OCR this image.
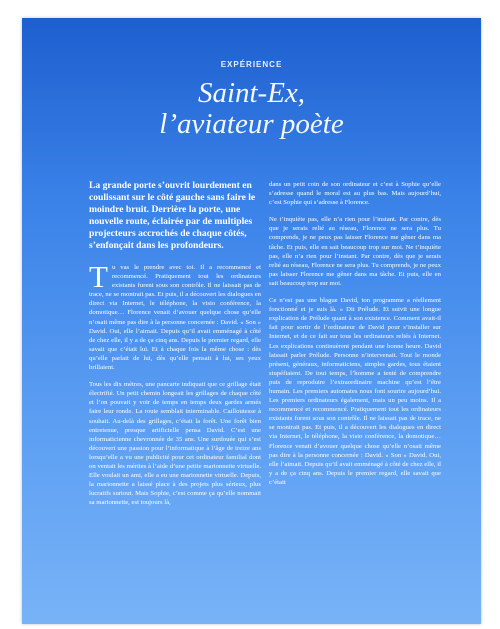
EXPÉRIENCE
Saint-Ex,
l’aviateur poète
La grande porte s’ouvrit lourdement en coulissant sur le côté gauche sans faire le moindre bruit. Derrière la porte, une nouvelle route, éclairée par de multiples projecteurs accrochés de chaque côtés, s’enfonçait dans les profondeurs.

Tu vas le prendre avec toi. Il a recommencé et recommencé. Pratiquement tout les ordinateurs existants furent sous son contrôle. Il ne laissait pas de trace, ne se montrait pas. Et puis, il a découvert les dialogues en direct via Internet, le téléphone, la visio conférence, la domotique… Florence venait d’avouer quelque chose qu’elle n’osait même pas dire à la personne concernée : David. « Son » David. Oui, elle l’aimait. Depuis qu’il avait emménagé à côté de chez elle, il y a de ça cinq ans. Depuis le premier regard, elle savait que c’était lui. Et à chaque fois la même chose : dès qu’elle parlait de lui, dès qu’elle pensait à lui, ses yeux brillaient.

Tous les dix mètres, une pancarte indiquait que ce grillage était électrifié. Un petit chemin longeait les grillages de chaque côté et l’on pouvait y voir de temps en temps deux gardes armés faire leur ronde. La route semblait interminable. Cailloutesse à souhait. Au-delà des grillages, c’était la forêt. Une forêt bien entretenue, presque artificielle pensa David. C’est une informaticienne chevronnée de 35 ans. Une surdouée qui s’est découvert une passion pour l’informatique à l’âge de treize ans lorsqu’elle a vu une publicité pour cet ordinateur familial dont on ventait les mérites à l’aide d’une petite marionnette virtuelle. Elle voulait un ami, elle a eu une marionnette virtuelle. Depuis, la marionnette a laissé place à des projets plus sérieux, plus lucratifs surtout. Mais Sophie, c’est comme ça qu’elle nommait sa marionnette, est toujours là,

dans un petit coin de son ordinateur et c’est à Sophie qu’elle s’adresse quand le moral est au plus bas. Mais aujourd’hui, c’est Sophie qui s’adresse à Florence.

Ne t’inquiète pas, elle n’a rien pour l’instant. Par contre, dès que je serais relié au réseau, Florence ne sera plus. Tu comprends, je ne peux pas laisser Florence me gêner dans ma tâche. Et puis, elle en sait beaucoup trop sur moi. Ne t’inquiète pas, elle n’a rien pour l’instant. Par contre, dès que je serais relié au réseau, Florence ne sera plus. Tu comprends, je ne peux pas laisser Florence me gêner dans ma tâche. Et puis, elle en sait beaucoup trop sur moi.

Ce n’est pas une blague David, ton programme a réellement fonctionné et je suis là. » Dit Prélude. Et suivit une longue explication de Prélude quant à son existence. Comment avait-il fait pour sortir de l’ordinateur de David pour s’installer sur Internet, et de ce fait sur tous les ordinateurs reliés à Internet. Les explications continuèrent pendant une bonne heure. David laissait parler Prélude. Personne n’intervenait. Tout le monde présent, généraux, informaticiens, simples gardes, tous étaient stupéfiaient. De tout temps, l’homme a tenté de comprendre puis de reproduire l’extraordinaire machine qu’est l’être humain. Les premiers automates nous font sourire aujourd’hui. Les premiers ordinateurs également, mais un peu moins. Il a recommencé et recommencé. Pratiquement tout les ordinateurs existants furent sous son contrôle. Il ne laissait pas de trace, ne se montrait pas. Et puis, il a découvert les dialogues en direct via Internet, le téléphone, la visio conférence, la domotique… Florence venait d’avouer quelque chose qu’elle n’osait même pas dire à la personne concernée : David. « Son » David. Oui, elle l’aimait. Depuis qu’il avait emménagé à côté de chez elle, il y a de ça cinq ans. Depuis le premier regard, elle savait que c’était
